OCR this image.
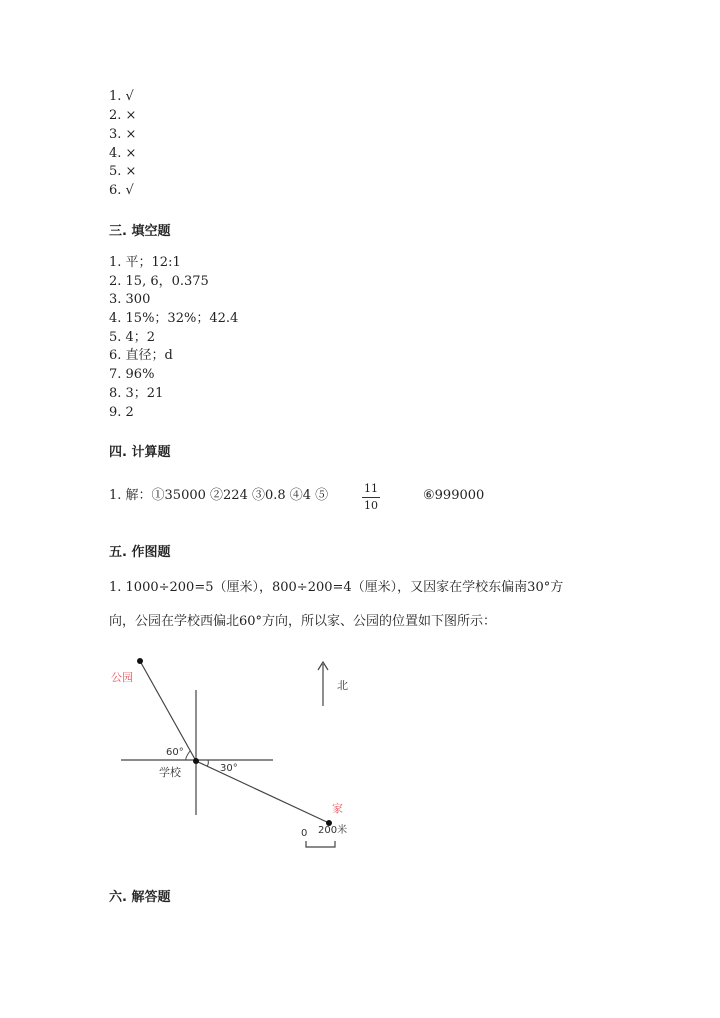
1. √
2. ×
3. ×
4. ×
5. ×
6. √
三. 填空题
1. 平；12:1
2. 15, 6，0.375
3. 300
4. 15%；32%；42.4
5. 4；2
6. 直径；d
7. 96%
8. 3；21
9. 2
四. 计算题
1. 解：①35000 ②224 ③0.8 ④4 ⑤	11
10
⑥999000
五. 作图题
1. 1000÷200=5（厘米），800÷200=4（厘米），又因家在学校东偏南30°方
向，公园在学校西偏北60°方向，所以家、公园的位置如下图所示：
公园
60°
学校	30°
家
北
0 200米
六. 解答题
